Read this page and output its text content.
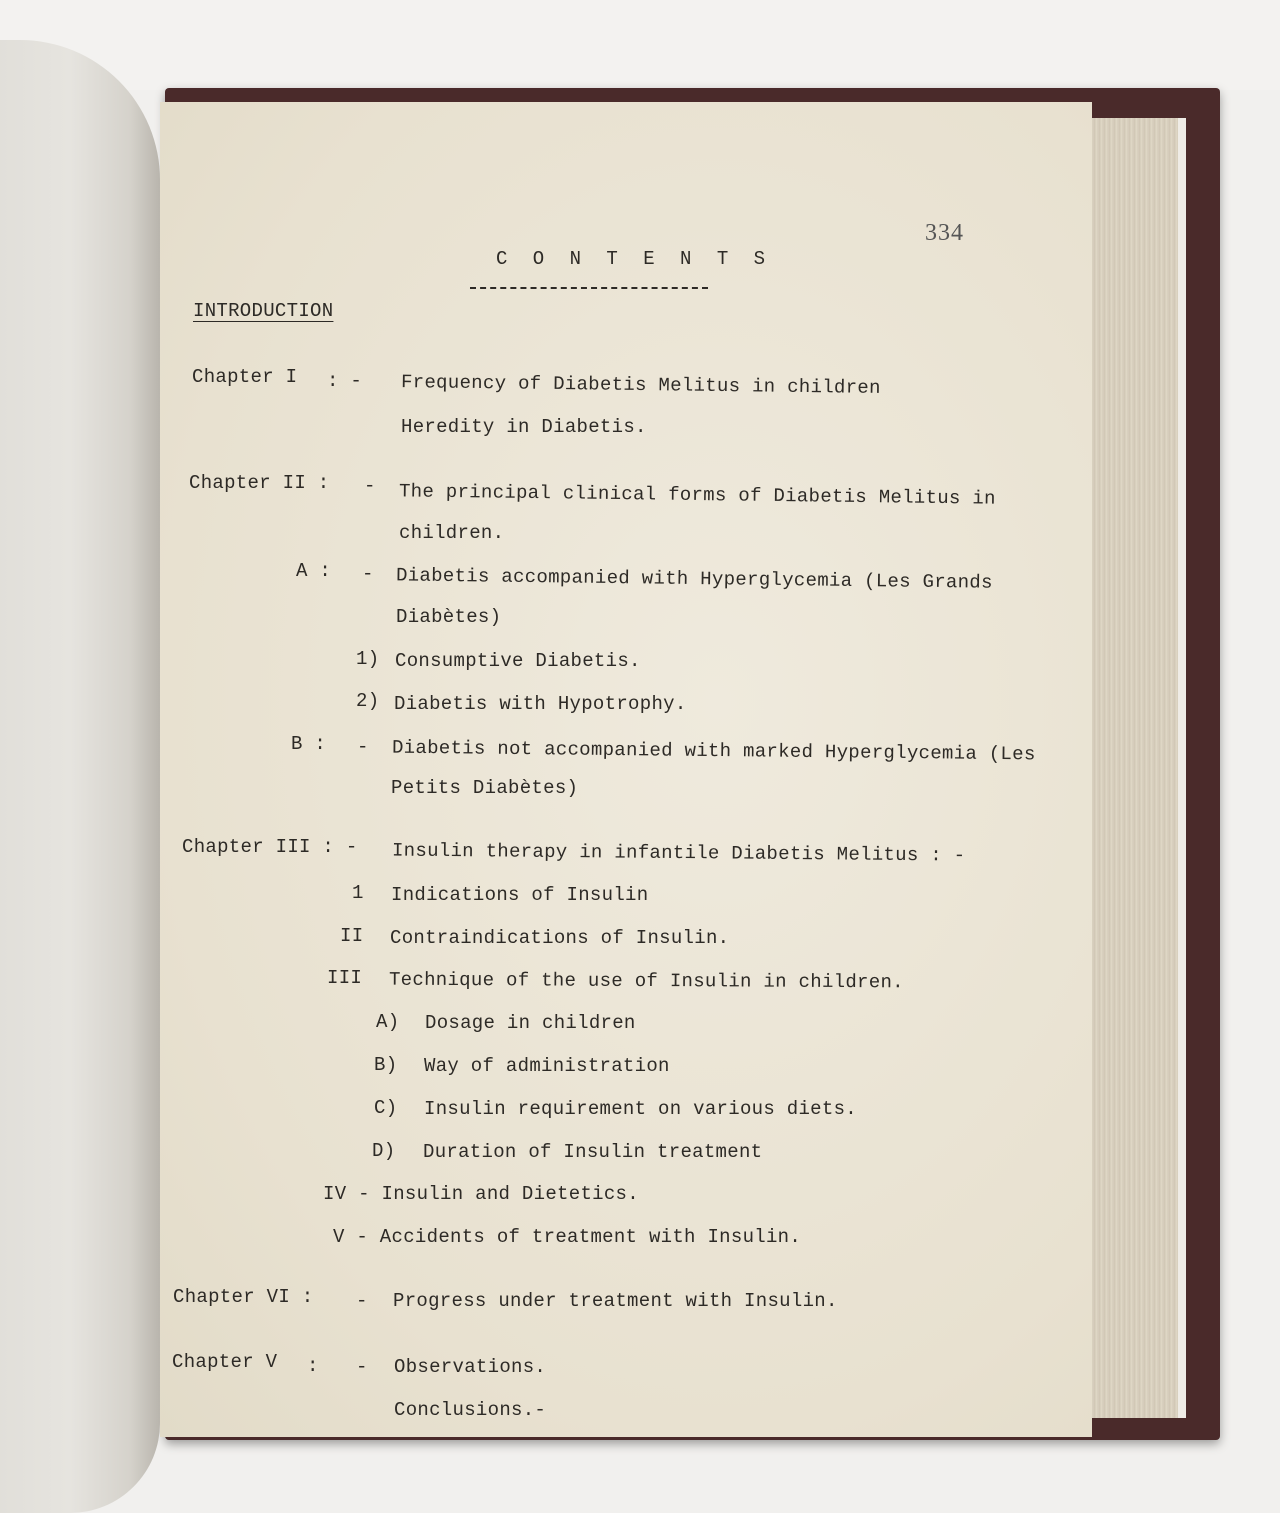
334
C O N T E N T S
INTRODUCTION
Chapter I : - Frequency of Diabetis Melitus in children
Heredity in Diabetis.
Chapter II : - The principal clinical forms of Diabetis Melitus in
children.
A : - Diabetis accompanied with Hyperglycemia (Les Grands
Diabètes)
1) Consumptive Diabetis.
2) Diabetis with Hypotrophy.
B : - Diabetis not accompanied with marked Hyperglycemia (Les
Petits Diabètes)
Chapter III : - Insulin therapy in infantile Diabetis Melitus : -
1 Indications of Insulin
II Contraindications of Insulin.
III Technique of the use of Insulin in children.
A) Dosage in children
B) Way of administration
C) Insulin requirement on various diets.
D) Duration of Insulin treatment
IV - Insulin and Dietetics.
V - Accidents of treatment with Insulin.
Chapter VI : - Progress under treatment with Insulin.
Chapter V : - Observations.
Conclusions.-
